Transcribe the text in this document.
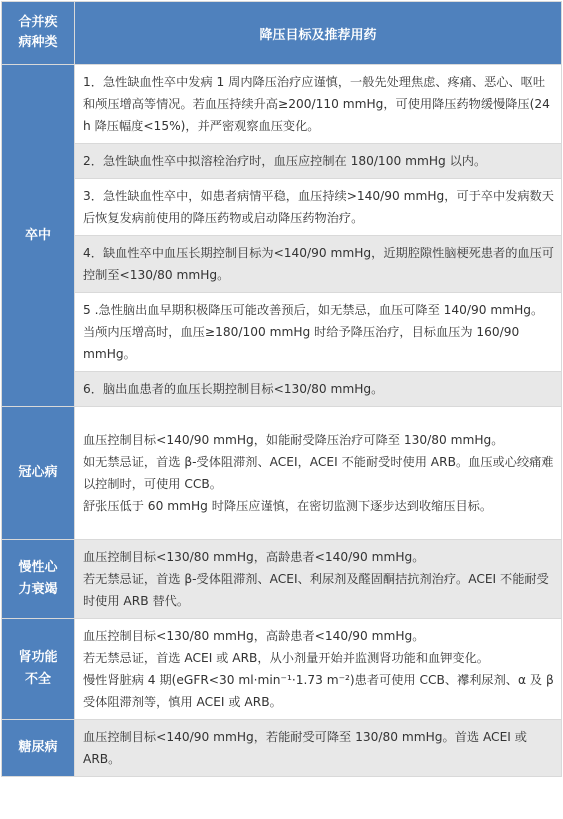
合并疾
病种类	降压目标及推荐用药
卒中	1．急性缺血性卒中发病 1 周内降压治疗应谨慎，一般先处理焦虑、疼痛、恶心、呕吐和颅压增高等情况。若血压持续升高≥200/110 mmHg，可使用降压药物缓慢降压(24 h 降压幅度<15%)，并严密观察血压变化。
	2．急性缺血性卒中拟溶栓治疗时，血压应控制在 180/100 mmHg 以内。
	3．急性缺血性卒中，如患者病情平稳，血压持续>140/90 mmHg，可于卒中发病数天后恢复发病前使用的降压药物或启动降压药物治疗。
	4．缺血性卒中血压长期控制目标为<140/90 mmHg，近期腔隙性脑梗死患者的血压可控制至<130/80 mmHg。
	5 .急性脑出血早期积极降压可能改善预后，如无禁忌，血压可降至 140/90 mmHg。当颅内压增高时，血压≥180/100 mmHg 时给予降压治疗，目标血压为 160/90 mmHg。
	6．脑出血患者的血压长期控制目标<130/80 mmHg。
冠心病	血压控制目标<140/90 mmHg，如能耐受降压治疗可降至 130/80 mmHg。
如无禁忌证，首选 β-受体阻滞剂、ACEI，ACEI 不能耐受时使用 ARB。血压或心绞痛难以控制时，可使用 CCB。
舒张压低于 60 mmHg 时降压应谨慎，在密切监测下逐步达到收缩压目标。

慢性心
力衰竭	血压控制目标<130/80 mmHg，高龄患者<140/90 mmHg。
若无禁忌证，首选 β-受体阻滞剂、ACEI、利尿剂及醛固酮拮抗剂治疗。ACEI 不能耐受时使用 ARB 替代。

肾功能
不全	血压控制目标<130/80 mmHg，高龄患者<140/90 mmHg。
若无禁忌证，首选 ACEI 或 ARB，从小剂量开始并监测肾功能和血钾变化。
慢性肾脏病 4 期(eGFR<30 ml·min⁻¹·1.73 m⁻²)患者可使用 CCB、襻利尿剂、α 及 β 受体阻滞剂等，慎用 ACEI 或 ARB。

糖尿病	血压控制目标<140/90 mmHg，若能耐受可降至 130/80 mmHg。首选 ACEI 或 ARB。
